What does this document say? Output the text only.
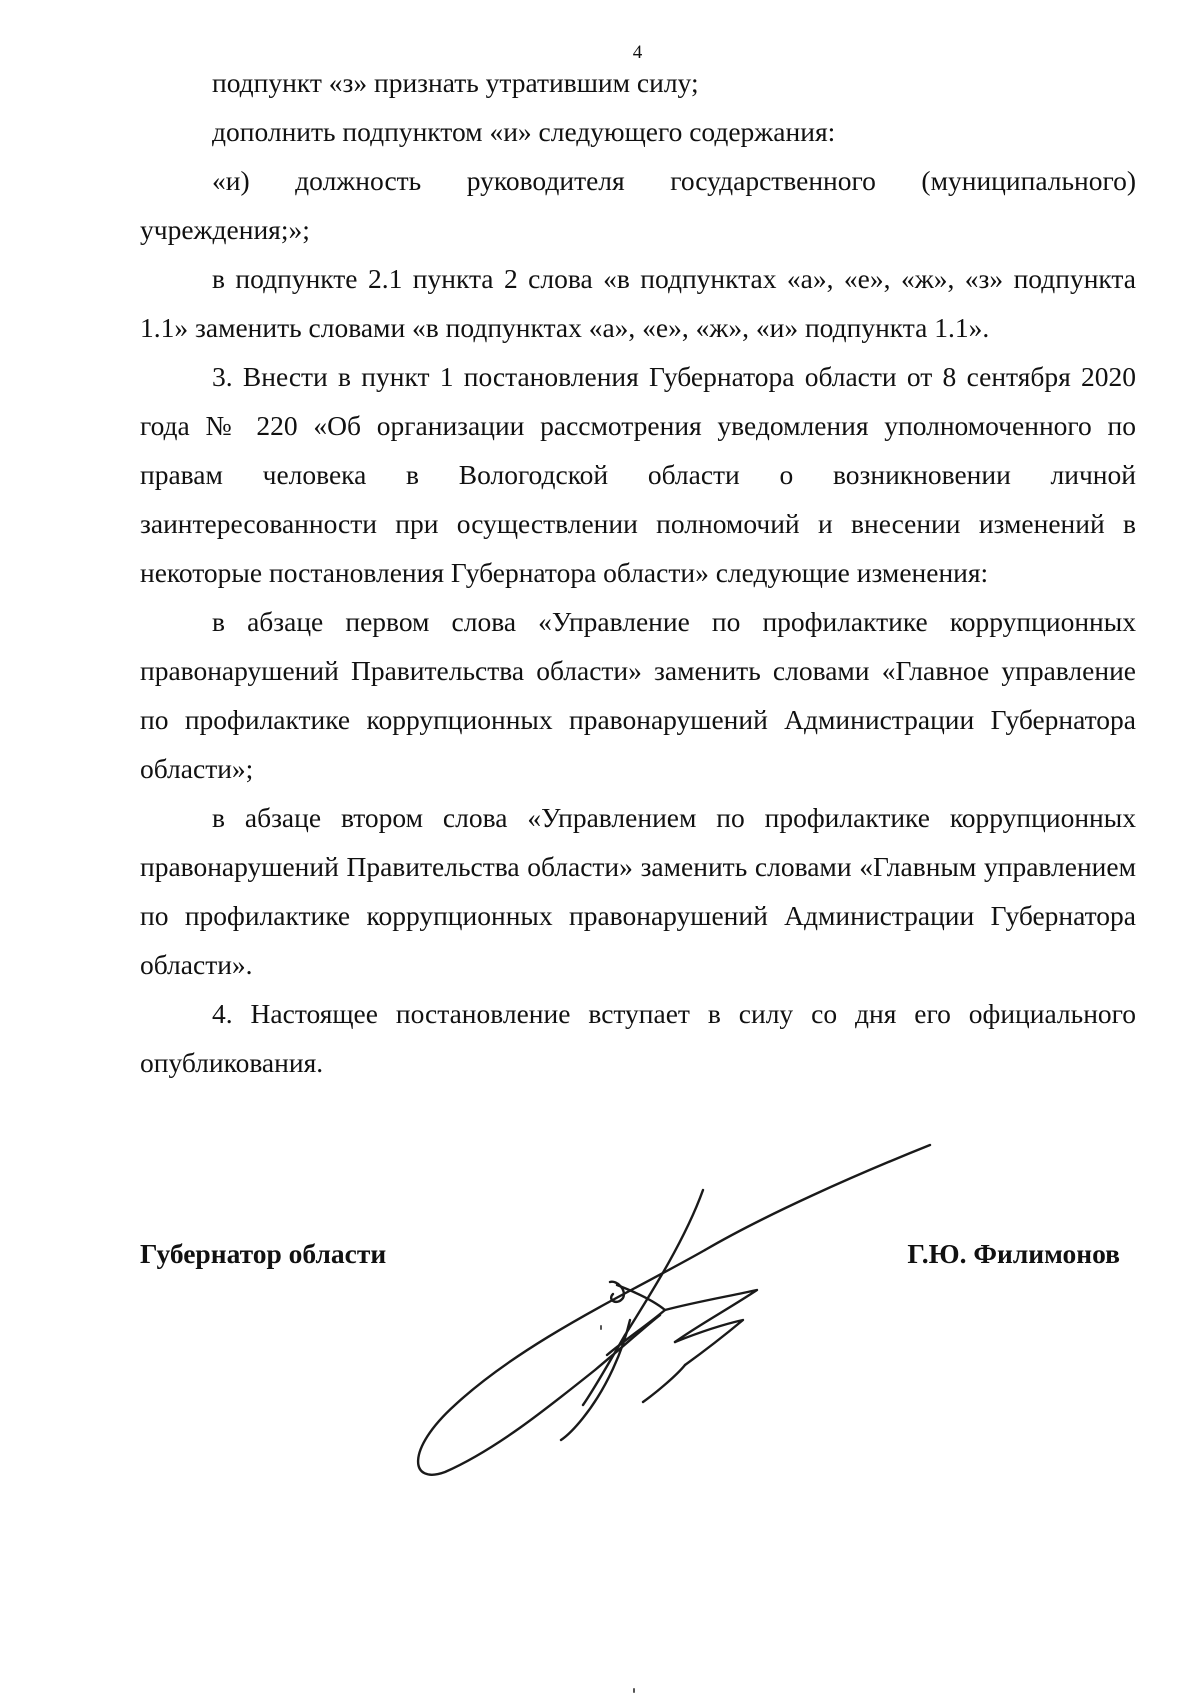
4

подпункт «з» признать утратившим силу;

дополнить подпунктом «и» следующего содержания:

«и) должность руководителя государственного (муниципального) учреждения;»;

в подпункте 2.1 пункта 2 слова «в подпунктах «а», «е», «ж», «з» подпункта 1.1» заменить словами «в подпунктах «а», «е», «ж», «и» подпункта 1.1».

3. Внести в пункт 1 постановления Губернатора области от 8 сентября 2020 года № 220 «Об организации рассмотрения уведомления уполномоченного по правам человека в Вологодской области о возникновении личной заинтересованности при осуществлении полномочий и внесении изменений в некоторые постановления Губернатора области» следующие изменения:

в абзаце первом слова «Управление по профилактике коррупционных правонарушений Правительства области» заменить словами «Главное управление по профилактике коррупционных правонарушений Администрации Губернатора области»;

в абзаце втором слова «Управлением по профилактике коррупционных правонарушений Правительства области» заменить словами «Главным управлением по профилактике коррупционных правонарушений Администрации Губернатора области».

4. Настоящее постановление вступает в силу со дня его официального опубликования.

Губернатор области	Г.Ю. Филимонов
